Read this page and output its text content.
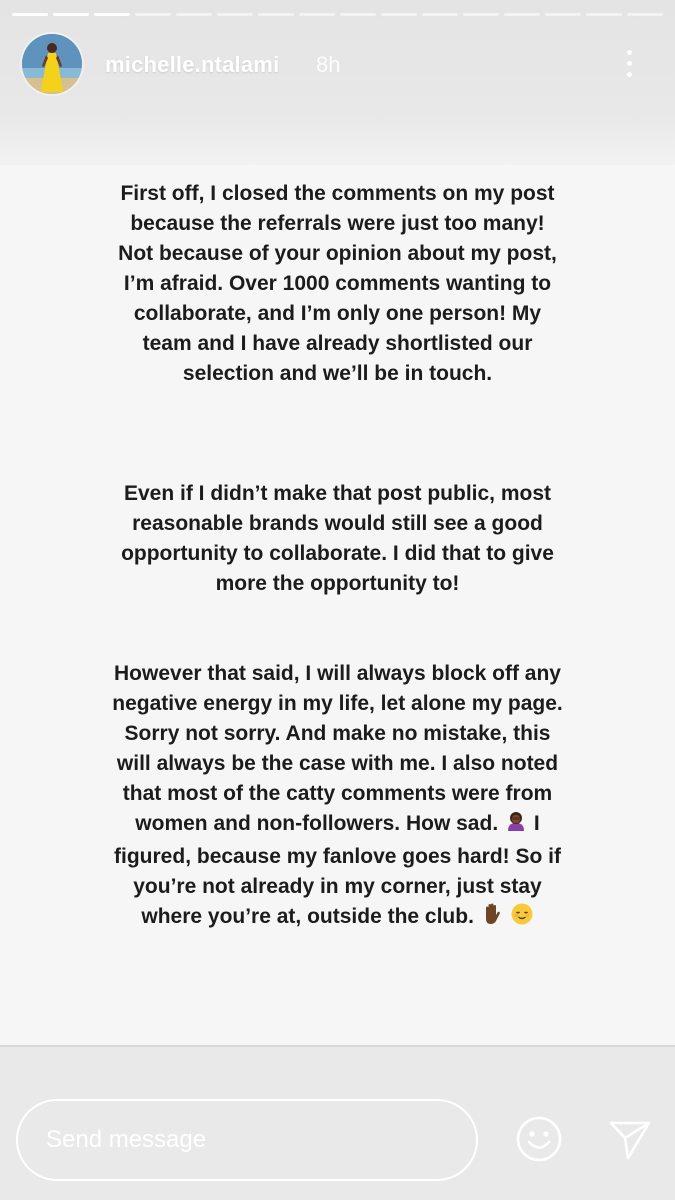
michelle.ntalami 8h
First off, I closed the comments on my post because the referrals were just too many! Not because of your opinion about my post, I’m afraid. Over 1000 comments wanting to collaborate, and I’m only one person! My team and I have already shortlisted our selection and we’ll be in touch.
Even if I didn’t make that post public, most reasonable brands would still see a good opportunity to collaborate. I did that to give more the opportunity to!
However that said, I will always block off any negative energy in my life, let alone my page. Sorry not sorry. And make no mistake, this will always be the case with me. I also noted that most of the catty comments were from women and non-followers. How sad. I figured, because my fanlove goes hard! So if you’re not already in my corner, just stay where you’re at, outside the club.
Send message
